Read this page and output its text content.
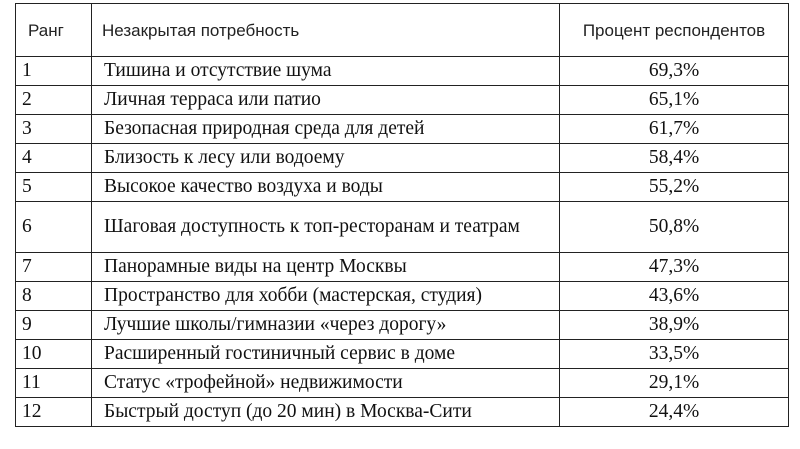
Ранг	Незакрытая потребность	Процент респондентов
1	Тишина и отсутствие шума	69,3%
2	Личная терраса или патио	65,1%
3	Безопасная природная среда для детей	61,7%
4	Близость к лесу или водоему	58,4%
5	Высокое качество воздуха и воды	55,2%
6	Шаговая доступность к топ-ресторанам и театрам	50,8%
7	Панорамные виды на центр Москвы	47,3%
8	Пространство для хобби (мастерская, студия)	43,6%
9	Лучшие школы/гимназии «через дорогу»	38,9%
10	Расширенный гостиничный сервис в доме	33,5%
11	Статус «трофейной» недвижимости	29,1%
12	Быстрый доступ (до 20 мин) в Москва-Сити	24,4%
